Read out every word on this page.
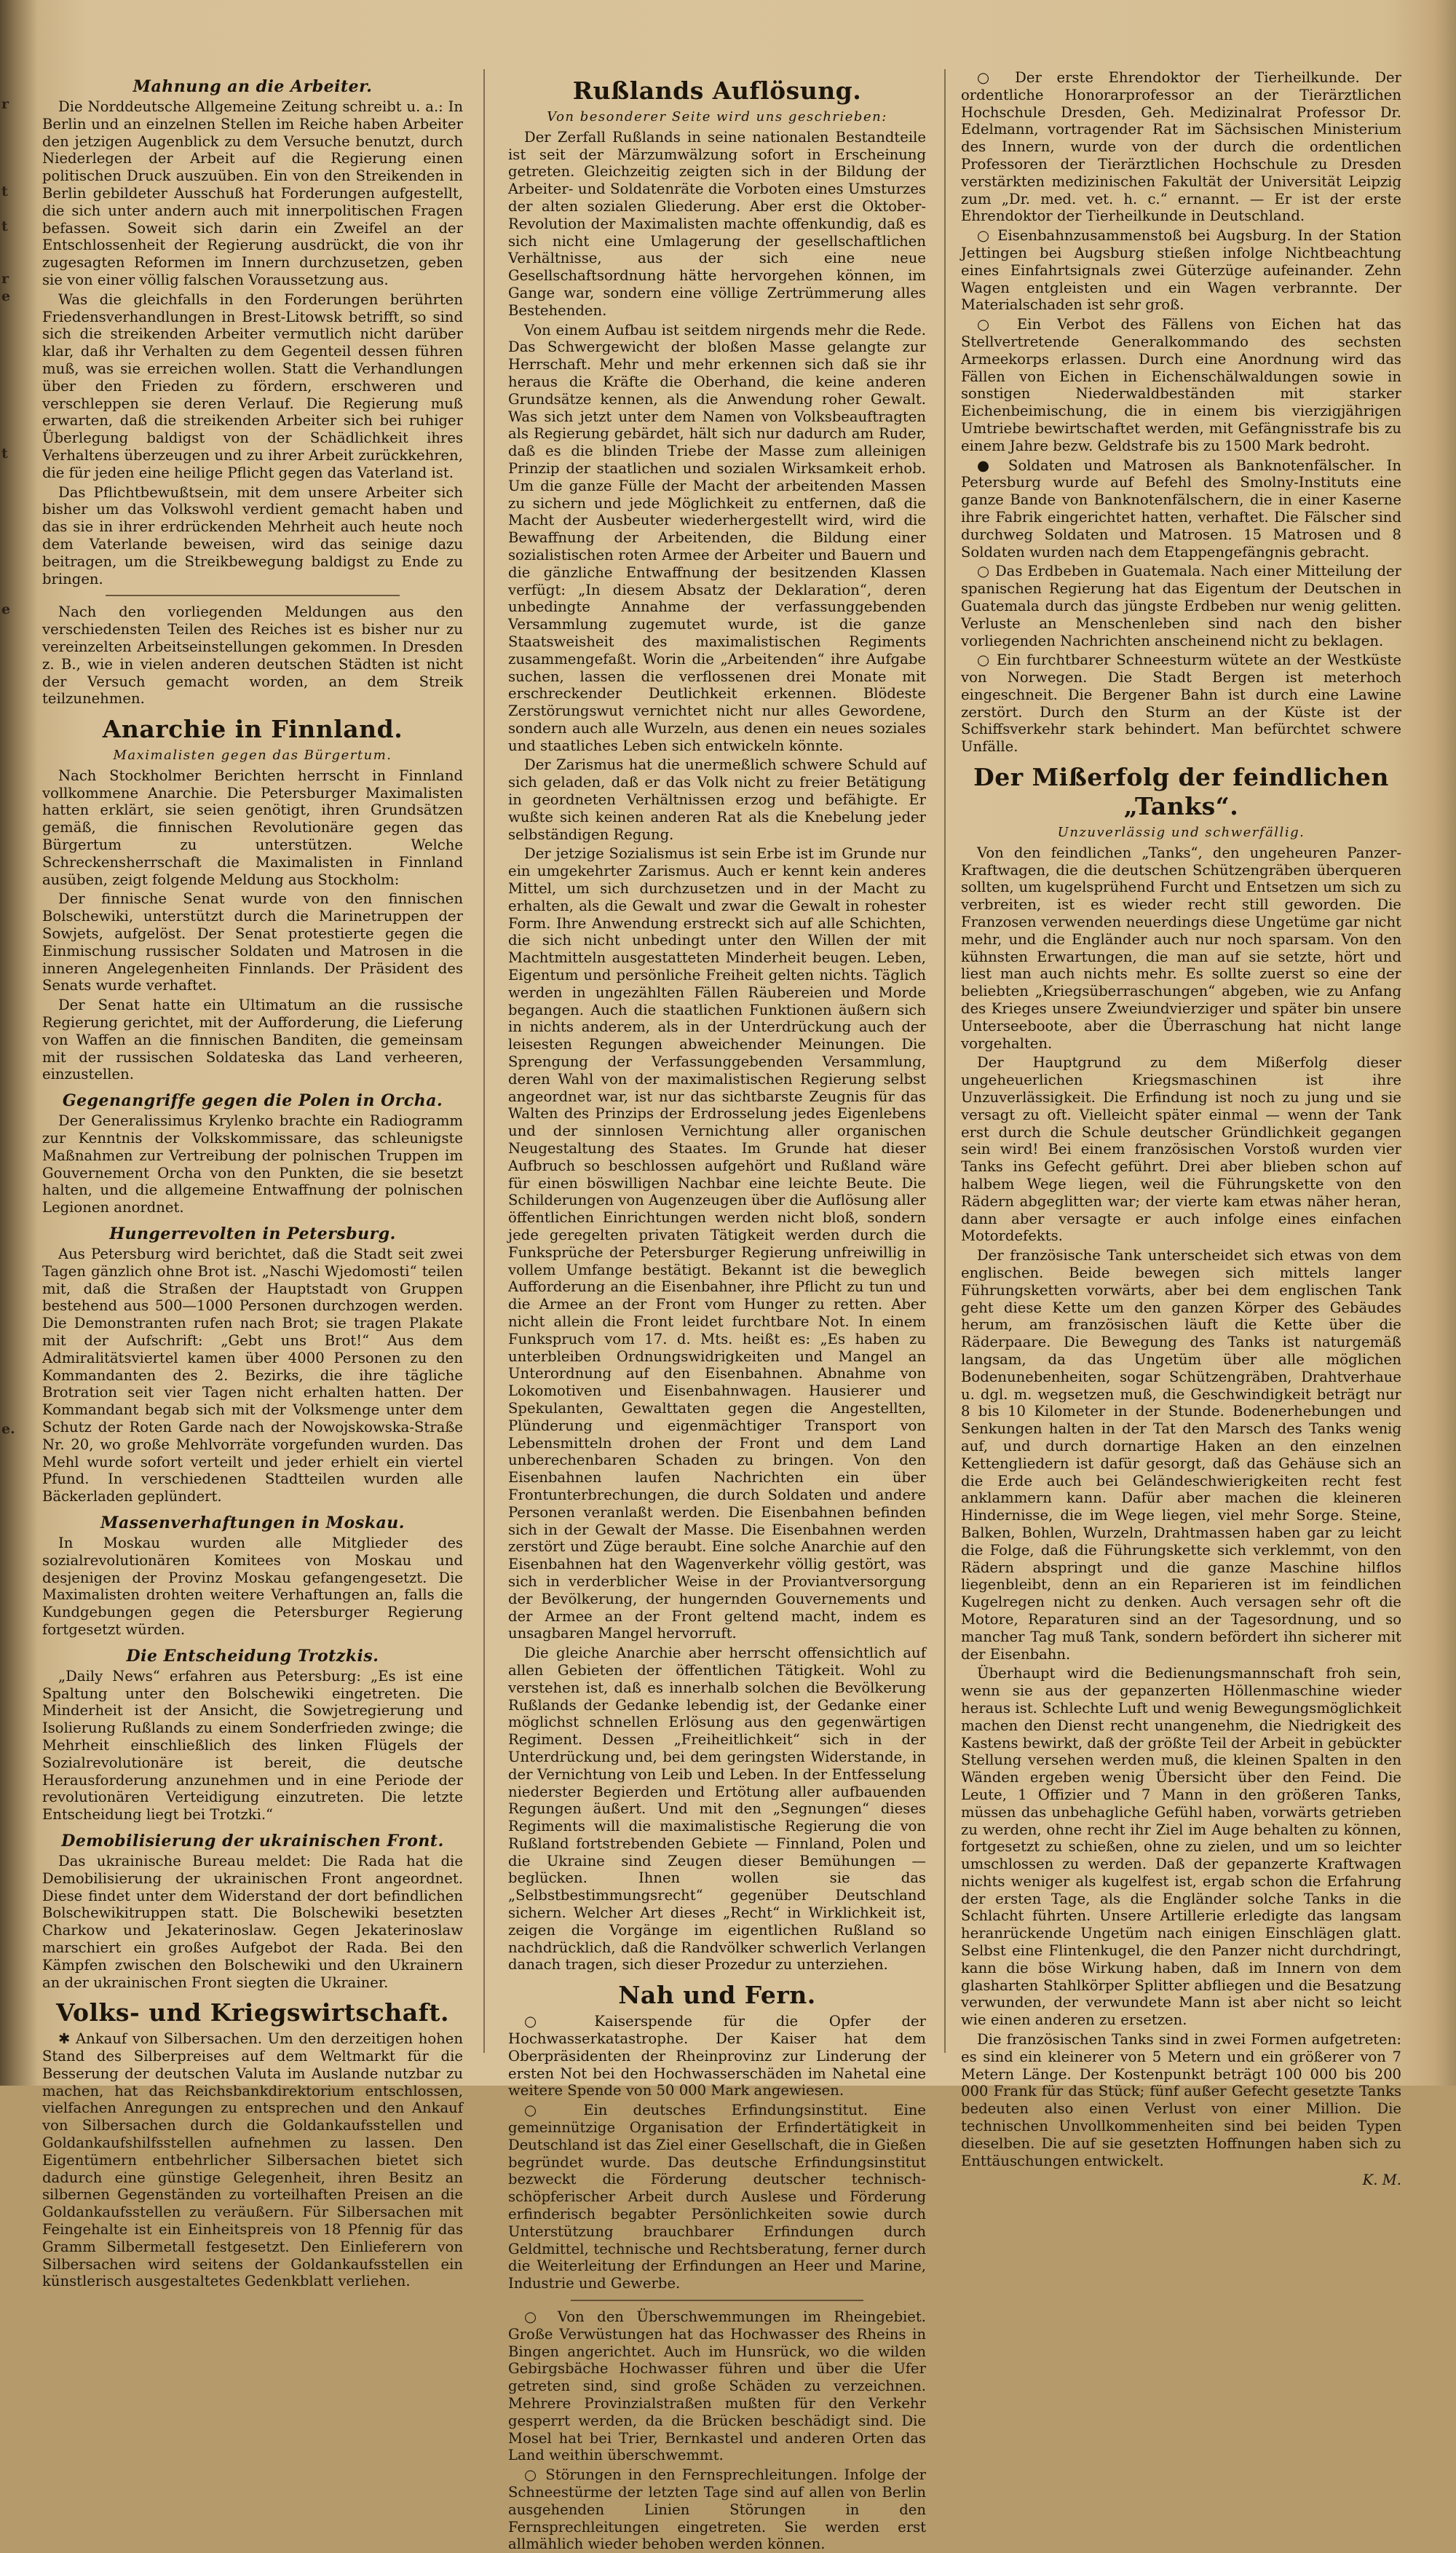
r
t
t
r
e
t
e
e.
Mahnung an die Arbeiter.

Die Norddeutsche Allgemeine Zeitung schreibt u. a.: In Berlin und an einzelnen Stellen im Reiche haben Arbeiter den jetzigen Augenblick zu dem Versuche benutzt, durch Niederlegen der Arbeit auf die Regierung einen politischen Druck auszuüben. Ein von den Streikenden in Berlin gebildeter Ausschuß hat Forderungen aufgestellt, die sich unter andern auch mit innerpolitischen Fragen befassen. Soweit sich darin ein Zweifel an der Entschlossenheit der Regierung ausdrückt, die von ihr zugesagten Reformen im Innern durchzusetzen, geben sie von einer völlig falschen Voraussetzung aus.

Was die gleichfalls in den Forderungen berührten Friedensverhandlungen in Brest-Litowsk betrifft, so sind sich die streikenden Arbeiter vermutlich nicht darüber klar, daß ihr Verhalten zu dem Gegenteil dessen führen muß, was sie erreichen wollen. Statt die Verhandlungen über den Frieden zu fördern, erschweren und verschleppen sie deren Verlauf. Die Regierung muß erwarten, daß die streikenden Arbeiter sich bei ruhiger Überlegung baldigst von der Schädlichkeit ihres Verhaltens überzeugen und zu ihrer Arbeit zurückkehren, die für jeden eine heilige Pflicht gegen das Vaterland ist.

Das Pflichtbewußtsein, mit dem unsere Arbeiter sich bisher um das Volkswohl verdient gemacht haben und das sie in ihrer erdrückenden Mehrheit auch heute noch dem Vaterlande beweisen, wird das seinige dazu beitragen, um die Streikbewegung baldigst zu Ende zu bringen.

Nach den vorliegenden Meldungen aus den verschiedensten Teilen des Reiches ist es bisher nur zu vereinzelten Arbeitseinstellungen gekommen. In Dresden z. B., wie in vielen anderen deutschen Städten ist nicht der Versuch gemacht worden, an dem Streik teilzunehmen.

Anarchie in Finnland.
Maximalisten gegen das Bürgertum.

Nach Stockholmer Berichten herrscht in Finnland vollkommene Anarchie. Die Petersburger Maximalisten hatten erklärt, sie seien genötigt, ihren Grundsätzen gemäß, die finnischen Revolutionäre gegen das Bürgertum zu unterstützen. Welche Schreckensherrschaft die Maximalisten in Finnland ausüben, zeigt folgende Meldung aus Stockholm:

Der finnische Senat wurde von den finnischen Bolschewiki, unterstützt durch die Marinetruppen der Sowjets, aufgelöst. Der Senat protestierte gegen die Einmischung russischer Soldaten und Matrosen in die inneren Angelegenheiten Finnlands. Der Präsident des Senats wurde verhaftet.

Der Senat hatte ein Ultimatum an die russische Regierung gerichtet, mit der Aufforderung, die Lieferung von Waffen an die finnischen Banditen, die gemeinsam mit der russischen Soldateska das Land verheeren, einzustellen.

Gegenangriffe gegen die Polen in Orcha.

Der Generalissimus Krylenko brachte ein Radiogramm zur Kenntnis der Volkskommissare, das schleunigste Maßnahmen zur Vertreibung der polnischen Truppen im Gouvernement Orcha von den Punkten, die sie besetzt halten, und die allgemeine Entwaffnung der polnischen Legionen anordnet.

Hungerrevolten in Petersburg.

Aus Petersburg wird berichtet, daß die Stadt seit zwei Tagen gänzlich ohne Brot ist. „Naschi Wjedomosti“ teilen mit, daß die Straßen der Hauptstadt von Gruppen bestehend aus 500—1000 Personen durchzogen werden. Die Demonstranten rufen nach Brot; sie tragen Plakate mit der Aufschrift: „Gebt uns Brot!“ Aus dem Admiralitätsviertel kamen über 4000 Personen zu den Kommandanten des 2. Bezirks, die ihre tägliche Brotration seit vier Tagen nicht erhalten hatten. Der Kommandant begab sich mit der Volksmenge unter dem Schutz der Roten Garde nach der Nowojskowska-Straße Nr. 20, wo große Mehlvorräte vorgefunden wurden. Das Mehl wurde sofort verteilt und jeder erhielt ein viertel Pfund. In verschiedenen Stadtteilen wurden alle Bäckerladen geplündert.

Massenverhaftungen in Moskau.

In Moskau wurden alle Mitglieder des sozialrevolutionären Komitees von Moskau und desjenigen der Provinz Moskau gefangengesetzt. Die Maximalisten drohten weitere Verhaftungen an, falls die Kundgebungen gegen die Petersburger Regierung fortgesetzt würden.

Die Entscheidung Trotzkis.

„Daily News“ erfahren aus Petersburg: „Es ist eine Spaltung unter den Bolschewiki eingetreten. Die Minderheit ist der Ansicht, die Sowjetregierung und Isolierung Rußlands zu einem Sonderfrieden zwinge; die Mehrheit einschließlich des linken Flügels der Sozialrevolutionäre ist bereit, die deutsche Herausforderung anzunehmen und in eine Periode der revolutionären Verteidigung einzutreten. Die letzte Entscheidung liegt bei Trotzki.“

Demobilisierung der ukrainischen Front.

Das ukrainische Bureau meldet: Die Rada hat die Demobilisierung der ukrainischen Front angeordnet. Diese findet unter dem Widerstand der dort befindlichen Bolschewikitruppen statt. Die Bolschewiki besetzten Charkow und Jekaterinoslaw. Gegen Jekaterinoslaw marschiert ein großes Aufgebot der Rada. Bei den Kämpfen zwischen den Bolschewiki und den Ukrainern an der ukrainischen Front siegten die Ukrainer.

Volks- und Kriegswirtschaft.

✱ Ankauf von Silbersachen. Um den derzeitigen hohen Stand des Silberpreises auf dem Weltmarkt für die Besserung der deutschen Valuta im Auslande nutzbar zu machen, hat das Reichsbankdirektorium entschlossen, vielfachen Anregungen zu entsprechen und den Ankauf von Silbersachen durch die Goldankaufsstellen und Goldankaufshilfsstellen aufnehmen zu lassen. Den Eigentümern entbehrlicher Silbersachen bietet sich dadurch eine günstige Gelegenheit, ihren Besitz an silbernen Gegenständen zu vorteilhaften Preisen an die Goldankaufsstellen zu veräußern. Für Silbersachen mit Feingehalte ist ein Einheitspreis von 18 Pfennig für das Gramm Silbermetall festgesetzt. Den Einlieferern von Silbersachen wird seitens der Goldankaufsstellen ein künstlerisch ausgestaltetes Gedenkblatt verliehen.

Rußlands Auflösung.
Von besonderer Seite wird uns geschrieben:

Der Zerfall Rußlands in seine nationalen Bestandteile ist seit der Märzumwälzung sofort in Erscheinung getreten. Gleichzeitig zeigten sich in der Bildung der Arbeiter- und Soldatenräte die Vorboten eines Umsturzes der alten sozialen Gliederung. Aber erst die Oktober-Revolution der Maximalisten machte offenkundig, daß es sich nicht eine Umlagerung der gesellschaftlichen Verhältnisse, aus der sich eine neue Gesellschaftsordnung hätte hervorgehen können, im Gange war, sondern eine völlige Zertrümmerung alles Bestehenden.

Von einem Aufbau ist seitdem nirgends mehr die Rede. Das Schwergewicht der bloßen Masse gelangte zur Herrschaft. Mehr und mehr erkennen sich daß sie ihr heraus die Kräfte die Oberhand, die keine anderen Grundsätze kennen, als die Anwendung roher Gewalt. Was sich jetzt unter dem Namen von Volksbeauftragten als Regierung gebärdet, hält sich nur dadurch am Ruder, daß es die blinden Triebe der Masse zum alleinigen Prinzip der staatlichen und sozialen Wirksamkeit erhob. Um die ganze Fülle der Macht der arbeitenden Massen zu sichern und jede Möglichkeit zu entfernen, daß die Macht der Ausbeuter wiederhergestellt wird, wird die Bewaffnung der Arbeitenden, die Bildung einer sozialistischen roten Armee der Arbeiter und Bauern und die gänzliche Entwaffnung der besitzenden Klassen verfügt: „In diesem Absatz der Deklaration“, deren unbedingte Annahme der verfassunggebenden Versammlung zugemutet wurde, ist die ganze Staatsweisheit des maximalistischen Regiments zusammengefaßt. Worin die „Arbeitenden“ ihre Aufgabe suchen, lassen die verflossenen drei Monate mit erschreckender Deutlichkeit erkennen. Blödeste Zerstörungswut vernichtet nicht nur alles Gewordene, sondern auch alle Wurzeln, aus denen ein neues soziales und staatliches Leben sich entwickeln könnte.

Der Zarismus hat die unermeßlich schwere Schuld auf sich geladen, daß er das Volk nicht zu freier Betätigung in geordneten Verhältnissen erzog und befähigte. Er wußte sich keinen anderen Rat als die Knebelung jeder selbständigen Regung.

Der jetzige Sozialismus ist sein Erbe ist im Grunde nur ein umgekehrter Zarismus. Auch er kennt kein anderes Mittel, um sich durchzusetzen und in der Macht zu erhalten, als die Gewalt und zwar die Gewalt in rohester Form. Ihre Anwendung erstreckt sich auf alle Schichten, die sich nicht unbedingt unter den Willen der mit Machtmitteln ausgestatteten Minderheit beugen. Leben, Eigentum und persönliche Freiheit gelten nichts. Täglich werden in ungezählten Fällen Räubereien und Morde begangen. Auch die staatlichen Funktionen äußern sich in nichts anderem, als in der Unterdrückung auch der leisesten Regungen abweichender Meinungen. Die Sprengung der Verfassunggebenden Versammlung, deren Wahl von der maximalistischen Regierung selbst angeordnet war, ist nur das sichtbarste Zeugnis für das Walten des Prinzips der Erdrosselung jedes Eigenlebens und der sinnlosen Vernichtung aller organischen Neugestaltung des Staates. Im Grunde hat dieser Aufbruch so beschlossen aufgehört und Rußland wäre für einen böswilligen Nachbar eine leichte Beute. Die Schilderungen von Augenzeugen über die Auflösung aller öffentlichen Einrichtungen werden nicht bloß, sondern jede geregelten privaten Tätigkeit werden durch die Funksprüche der Petersburger Regierung unfreiwillig in vollem Umfange bestätigt. Bekannt ist die beweglich Aufforderung an die Eisenbahner, ihre Pflicht zu tun und die Armee an der Front vom Hunger zu retten. Aber nicht allein die Front leidet furchtbare Not. In einem Funkspruch vom 17. d. Mts. heißt es: „Es haben zu unterbleiben Ordnungswidrigkeiten und Mangel an Unterordnung auf den Eisenbahnen. Abnahme von Lokomotiven und Eisenbahnwagen. Hausierer und Spekulanten, Gewalttaten gegen die Angestellten, Plünderung und eigenmächtiger Transport von Lebensmitteln drohen der Front und dem Land unberechenbaren Schaden zu bringen. Von den Eisenbahnen laufen Nachrichten ein über Frontunterbrechungen, die durch Soldaten und andere Personen veranlaßt werden. Die Eisenbahnen befinden sich in der Gewalt der Masse. Die Eisenbahnen werden zerstört und Züge beraubt. Eine solche Anarchie auf den Eisenbahnen hat den Wagenverkehr völlig gestört, was sich in verderblicher Weise in der Proviantversorgung der Bevölkerung, der hungernden Gouvernements und der Armee an der Front geltend macht, indem es unsagbaren Mangel hervorruft.

Die gleiche Anarchie aber herrscht offensichtlich auf allen Gebieten der öffentlichen Tätigkeit. Wohl zu verstehen ist, daß es innerhalb solchen die Bevölkerung Rußlands der Gedanke lebendig ist, der Gedanke einer möglichst schnellen Erlösung aus den gegenwärtigen Regiment. Dessen „Freiheitlichkeit“ sich in der Unterdrückung und, bei dem geringsten Widerstande, in der Vernichtung von Leib und Leben. In der Entfesselung niederster Begierden und Ertötung aller aufbauenden Regungen äußert. Und mit den „Segnungen“ dieses Regiments will die maximalistische Regierung die von Rußland fortstrebenden Gebiete — Finnland, Polen und die Ukraine sind Zeugen dieser Bemühungen — beglücken. Ihnen wollen sie das „Selbstbestimmungsrecht“ gegenüber Deutschland sichern. Welcher Art dieses „Recht“ in Wirklichkeit ist, zeigen die Vorgänge im eigentlichen Rußland so nachdrücklich, daß die Randvölker schwerlich Verlangen danach tragen, sich dieser Prozedur zu unterziehen.

Nah und Fern.

○ Kaiserspende für die Opfer der Hochwasserkatastrophe. Der Kaiser hat dem Oberpräsidenten der Rheinprovinz zur Linderung der ersten Not bei den Hochwasserschäden im Nahetal eine weitere Spende von 50 000 Mark angewiesen.

○ Ein deutsches Erfindungsinstitut. Eine gemeinnützige Organisation der Erfindertätigkeit in Deutschland ist das Ziel einer Gesellschaft, die in Gießen begründet wurde. Das deutsche Erfindungsinstitut bezweckt die Förderung deutscher technisch-schöpferischer Arbeit durch Auslese und Förderung erfinderisch begabter Persönlichkeiten sowie durch Unterstützung brauchbarer Erfindungen durch Geldmittel, technische und Rechtsberatung, ferner durch die Weiterleitung der Erfindungen an Heer und Marine, Industrie und Gewerbe.

○ Von den Überschwemmungen im Rheingebiet. Große Verwüstungen hat das Hochwasser des Rheins in Bingen angerichtet. Auch im Hunsrück, wo die wilden Gebirgsbäche Hochwasser führen und über die Ufer getreten sind, sind große Schäden zu verzeichnen. Mehrere Provinzialstraßen mußten für den Verkehr gesperrt werden, da die Brücken beschädigt sind. Die Mosel hat bei Trier, Bernkastel und anderen Orten das Land weithin überschwemmt.

○ Störungen in den Fernsprechleitungen. Infolge der Schneestürme der letzten Tage sind auf allen von Berlin ausgehenden Linien Störungen in den Fernsprechleitungen eingetreten. Sie werden erst allmählich wieder behoben werden können.

○ Der erste Ehrendoktor der Tierheilkunde. Der ordentliche Honorarprofessor an der Tierärztlichen Hochschule Dresden, Geh. Medizinalrat Professor Dr. Edelmann, vortragender Rat im Sächsischen Ministerium des Innern, wurde von der durch die ordentlichen Professoren der Tierärztlichen Hochschule zu Dresden verstärkten medizinischen Fakultät der Universität Leipzig zum „Dr. med. vet. h. c.“ ernannt. — Er ist der erste Ehrendoktor der Tierheilkunde in Deutschland.

○ Eisenbahnzusammenstoß bei Augsburg. In der Station Jettingen bei Augsburg stießen infolge Nichtbeachtung eines Einfahrtsignals zwei Güterzüge aufeinander. Zehn Wagen entgleisten und ein Wagen verbrannte. Der Materialschaden ist sehr groß.

○ Ein Verbot des Fällens von Eichen hat das Stellvertretende Generalkommando des sechsten Armeekorps erlassen. Durch eine Anordnung wird das Fällen von Eichen in Eichenschälwaldungen sowie in sonstigen Niederwaldbeständen mit starker Eichenbeimischung, die in einem bis vierzigjährigen Umtriebe bewirtschaftet werden, mit Gefängnisstrafe bis zu einem Jahre bezw. Geldstrafe bis zu 1500 Mark bedroht.

● Soldaten und Matrosen als Banknotenfälscher. In Petersburg wurde auf Befehl des Smolny-Instituts eine ganze Bande von Banknotenfälschern, die in einer Kaserne ihre Fabrik eingerichtet hatten, verhaftet. Die Fälscher sind durchweg Soldaten und Matrosen. 15 Matrosen und 8 Soldaten wurden nach dem Etappengefängnis gebracht.

○ Das Erdbeben in Guatemala. Nach einer Mitteilung der spanischen Regierung hat das Eigentum der Deutschen in Guatemala durch das jüngste Erdbeben nur wenig gelitten. Verluste an Menschenleben sind nach den bisher vorliegenden Nachrichten anscheinend nicht zu beklagen.

○ Ein furchtbarer Schneesturm wütete an der Westküste von Norwegen. Die Stadt Bergen ist meterhoch eingeschneit. Die Bergener Bahn ist durch eine Lawine zerstört. Durch den Sturm an der Küste ist der Schiffsverkehr stark behindert. Man befürchtet schwere Unfälle.

Der Mißerfolg der feindlichen „Tanks“.
Unzuverlässig und schwerfällig.

Von den feindlichen „Tanks“, den ungeheuren Panzer-Kraftwagen, die die deutschen Schützengräben überqueren sollten, um kugelsprühend Furcht und Entsetzen um sich zu verbreiten, ist es wieder recht still geworden. Die Franzosen verwenden neuerdings diese Ungetüme gar nicht mehr, und die Engländer auch nur noch sparsam. Von den kühnsten Erwartungen, die man auf sie setzte, hört und liest man auch nichts mehr. Es sollte zuerst so eine der beliebten „Kriegsüberraschungen“ abgeben, wie zu Anfang des Krieges unsere Zweiundvierziger und später bin unsere Unterseeboote, aber die Überraschung hat nicht lange vorgehalten.

Der Hauptgrund zu dem Mißerfolg dieser ungeheuerlichen Kriegsmaschinen ist ihre Unzuverlässigkeit. Die Erfindung ist noch zu jung und sie versagt zu oft. Vielleicht später einmal — wenn der Tank erst durch die Schule deutscher Gründlichkeit gegangen sein wird! Bei einem französischen Vorstoß wurden vier Tanks ins Gefecht geführt. Drei aber blieben schon auf halbem Wege liegen, weil die Führungskette von den Rädern abgeglitten war; der vierte kam etwas näher heran, dann aber versagte er auch infolge eines einfachen Motordefekts.

Der französische Tank unterscheidet sich etwas von dem englischen. Beide bewegen sich mittels langer Führungsketten vorwärts, aber bei dem englischen Tank geht diese Kette um den ganzen Körper des Gebäudes herum, am französischen läuft die Kette über die Räderpaare. Die Bewegung des Tanks ist naturgemäß langsam, da das Ungetüm über alle möglichen Bodenunebenheiten, sogar Schützengräben, Drahtverhaue u. dgl. m. wegsetzen muß, die Geschwindigkeit beträgt nur 8 bis 10 Kilometer in der Stunde. Bodenerhebungen und Senkungen halten in der Tat den Marsch des Tanks wenig auf, und durch dornartige Haken an den einzelnen Kettengliedern ist dafür gesorgt, daß das Gehäuse sich an die Erde auch bei Geländeschwierigkeiten recht fest anklammern kann. Dafür aber machen die kleineren Hindernisse, die im Wege liegen, viel mehr Sorge. Steine, Balken, Bohlen, Wurzeln, Drahtmassen haben gar zu leicht die Folge, daß die Führungskette sich verklemmt, von den Rädern abspringt und die ganze Maschine hilflos liegenbleibt, denn an ein Reparieren ist im feindlichen Kugelregen nicht zu denken. Auch versagen sehr oft die Motore, Reparaturen sind an der Tagesordnung, und so mancher Tag muß Tank, sondern befördert ihn sicherer mit der Eisenbahn.

Überhaupt wird die Bedienungsmannschaft froh sein, wenn sie aus der gepanzerten Höllenmaschine wieder heraus ist. Schlechte Luft und wenig Bewegungsmöglichkeit machen den Dienst recht unangenehm, die Niedrigkeit des Kastens bewirkt, daß der größte Teil der Arbeit in gebückter Stellung versehen werden muß, die kleinen Spalten in den Wänden ergeben wenig Übersicht über den Feind. Die Leute, 1 Offizier und 7 Mann in den größeren Tanks, müssen das unbehagliche Gefühl haben, vorwärts getrieben zu werden, ohne recht ihr Ziel im Auge behalten zu können, fortgesetzt zu schießen, ohne zu zielen, und um so leichter umschlossen zu werden. Daß der gepanzerte Kraftwagen nichts weniger als kugelfest ist, ergab schon die Erfahrung der ersten Tage, als die Engländer solche Tanks in die Schlacht führten. Unsere Artillerie erledigte das langsam heranrückende Ungetüm nach einigen Einschlägen glatt. Selbst eine Flintenkugel, die den Panzer nicht durchdringt, kann die böse Wirkung haben, daß im Innern von dem glasharten Stahlkörper Splitter abfliegen und die Besatzung verwunden, der verwundete Mann ist aber nicht so leicht wie einen anderen zu ersetzen.

Die französischen Tanks sind in zwei Formen aufgetreten: es sind ein kleinerer von 5 Metern und ein größerer von 7 Metern Länge. Der Kostenpunkt beträgt 100 000 bis 200 000 Frank für das Stück; fünf außer Gefecht gesetzte Tanks bedeuten also einen Verlust von einer Million. Die technischen Unvollkommenheiten sind bei beiden Typen dieselben. Die auf sie gesetzten Hoffnungen haben sich zu Enttäuschungen entwickelt.

K. M.
